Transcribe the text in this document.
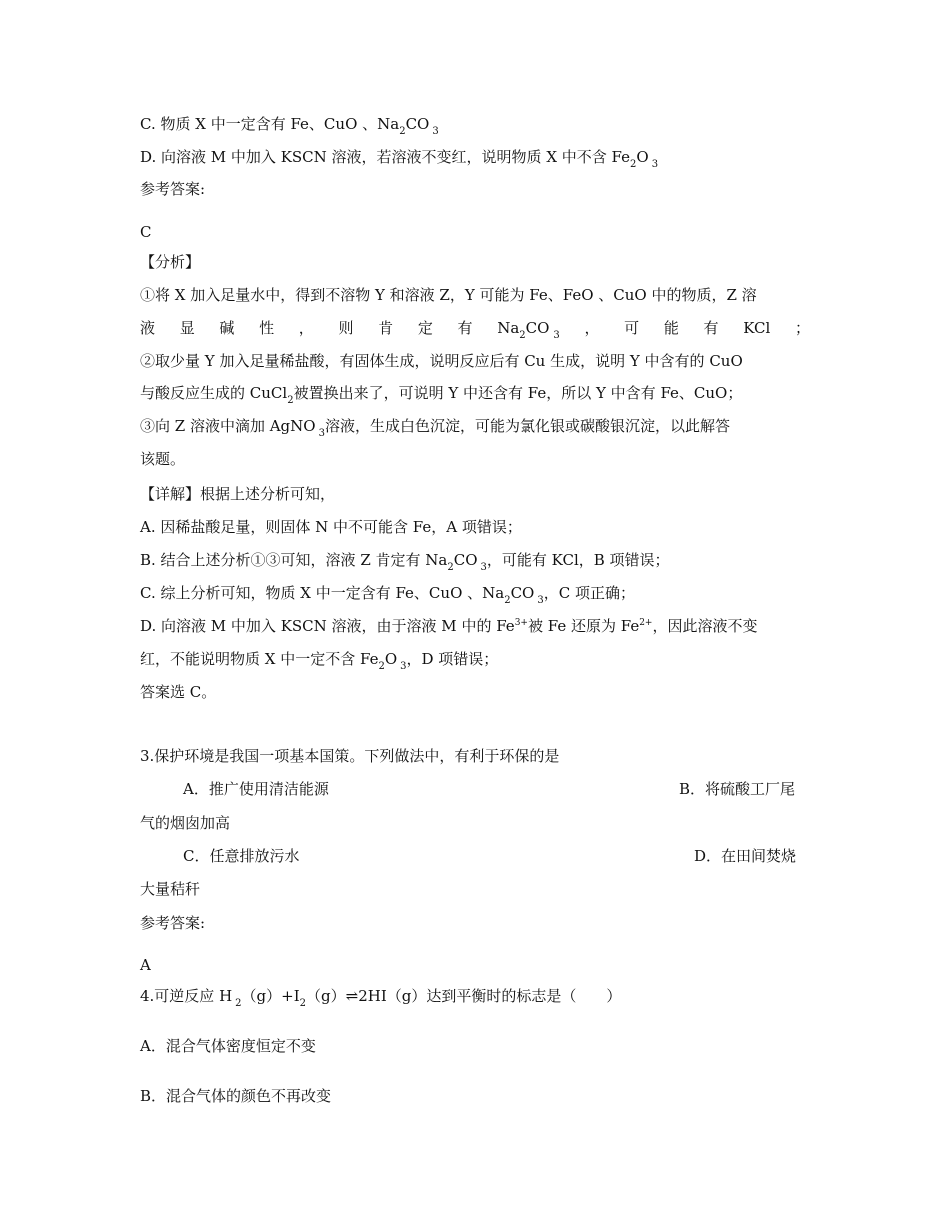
C. 物质 X 中一定含有 Fe、CuO 、$Na_2CO$ $_3$
D. 向溶液 M 中加入 KSCN 溶液，若溶液不变红，说明物质 X 中不含 $Fe_2O$ $_3$
参考答案:
C
【分析】
①将 X 加入足量水中，得到不溶物 Y 和溶液 Z，Y 可能为 Fe、FeO 、CuO 中的物质，Z 溶
液 显 碱 性 ， 则 肯 定 有 $Na_2CO$ $_3$ ， 可 能 有 KCl ；
②取少量 Y 加入足量稀盐酸，有固体生成，说明反应后有 Cu 生成，说明 Y 中含有的 CuO
与酸反应生成的 CuCl$_2$被置换出来了，可说明 Y 中还含有 Fe，所以 Y 中含有 Fe、CuO；
③向 Z 溶液中滴加 AgNO $_3$溶液，生成白色沉淀，可能为氯化银或碳酸银沉淀，以此解答
该题。
【详解】根据上述分析可知，
A. 因稀盐酸足量，则固体 N 中不可能含 Fe，A 项错误；
B. 结合上述分析①③可知，溶液 Z 肯定有 $Na_2CO$ $_3$，可能有 KCl，B 项错误；
C. 综上分析可知，物质 X 中一定含有 Fe、CuO 、$Na_2CO$ $_3$，C 项正确；
D. 向溶液 M 中加入 KSCN 溶液，由于溶液 M 中的 $Fe^{3+}$被 Fe 还原为 $Fe^{2+}$，因此溶液不变
红，不能说明物质 X 中一定不含 $Fe_2O$ $_3$，D 项错误；
答案选 C。
3.保护环境是我国一项基本国策。下列做法中，有利于环保的是
A．推广使用清洁能源	B．将硫酸工厂尾
气的烟囱加高
C．任意排放污水	D．在田间焚烧
大量秸秆
参考答案:
A
4.可逆反应 H $_2(g)+I_2(g)\rightleftharpoons 2HI(g)$达到平衡时的标志是（　　）
A．混合气体密度恒定不变
B．混合气体的颜色不再改变
